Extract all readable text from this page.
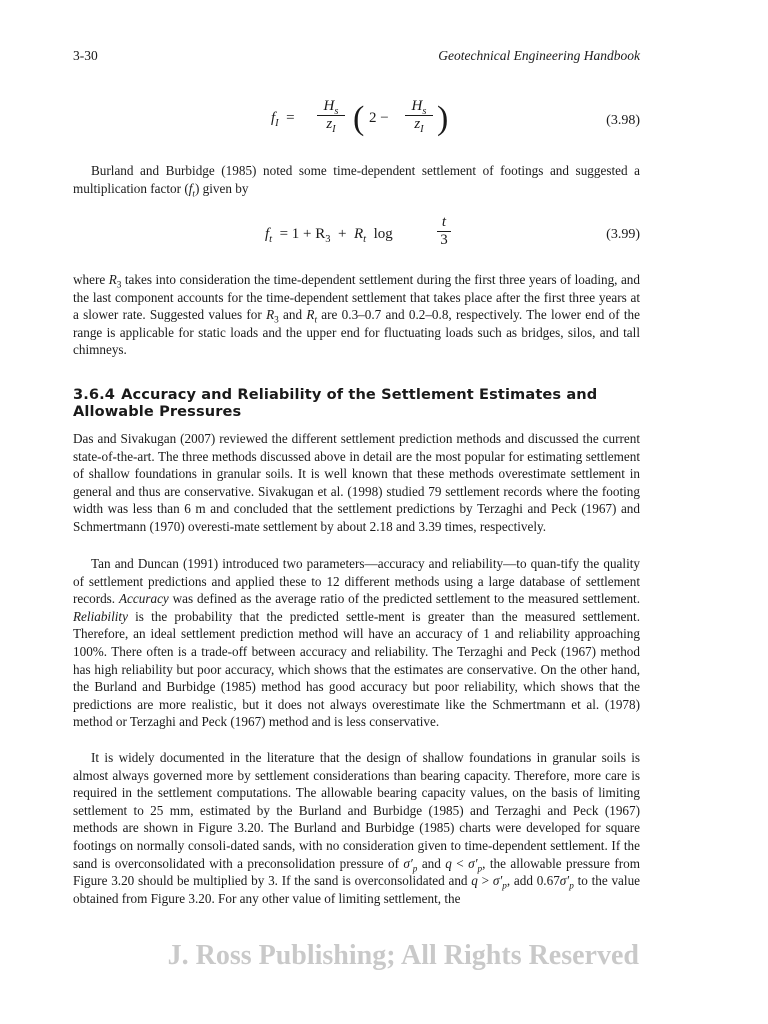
3-30	Geotechnical Engineering Handbook
$f_I = \frac{H_s}{z_I}$ ( $2 - \frac{H_s}{z_I}$ )	(3.98)

Burland and Burbidge (1985) noted some time-dependent settlement of footings and suggested a multiplication factor $(f_t)$ given by

$f_t = 1 + R_3 + R_t$ log	$\frac{t}{3}$	(3.99)

where $R_3$ takes into consideration the time-dependent settlement during the first three years of loading, and the last component accounts for the time-dependent settlement that takes place after the first three years at a slower rate. Suggested values for $R_3$ and $R_t$ are 0.3–0.7 and 0.2–0.8, respectively. The lower end of the range is applicable for static loads and the upper end for fluctuating loads such as bridges, silos, and tall chimneys.

3.6.4 Accuracy and Reliability of the Settlement Estimates and Allowable Pressures

Das and Sivakugan (2007) reviewed the different settlement prediction methods and discussed the current state-of-the-art. The three methods discussed above in detail are the most popular for estimating settlement of shallow foundations in granular soils. It is well known that these methods overestimate settlement in general and thus are conservative. Sivakugan et al. (1998) studied 79 settlement records where the footing width was less than 6 m and concluded that the settlement predictions by Terzaghi and Peck (1967) and Schmertmann (1970) overesti-mate settlement by about 2.18 and 3.39 times, respectively.

Tan and Duncan (1991) introduced two parameters—accuracy and reliability—to quan-tify the quality of settlement predictions and applied these to 12 different methods using a large database of settlement records. Accuracy was defined as the average ratio of the predicted settlement to the measured settlement. Reliability is the probability that the predicted settle-ment is greater than the measured settlement. Therefore, an ideal settlement prediction method will have an accuracy of 1 and reliability approaching 100%. There often is a trade-off between accuracy and reliability. The Terzaghi and Peck (1967) method has high reliability but poor accuracy, which shows that the estimates are conservative. On the other hand, the Burland and Burbidge (1985) method has good accuracy but poor reliability, which shows that the predictions are more realistic, but it does not always overestimate like the Schmertmann et al. (1978) method or Terzaghi and Peck (1967) method and is less conservative.

It is widely documented in the literature that the design of shallow foundations in granular soils is almost always governed more by settlement considerations than bearing capacity. Therefore, more care is required in the settlement computations. The allowable bearing capacity values, on the basis of limiting settlement to 25 mm, estimated by the Burland and Burbidge (1985) and Terzaghi and Peck (1967) methods are shown in Figure 3.20. The Burland and Burbidge (1985) charts were developed for square footings on normally consoli-dated sands, with no consideration given to time-dependent settlement. If the sand is overconsolidated with a preconsolidation pressure of $\sigma'_p$ and $q < \sigma'_p$, the allowable pressure from Figure 3.20 should be multiplied by 3. If the sand is overconsolidated and $q > \sigma'_p$, add $0.67\sigma'_p$ to the value obtained from Figure 3.20. For any other value of limiting settlement, the

J. Ross Publishing; All Rights Reserved
